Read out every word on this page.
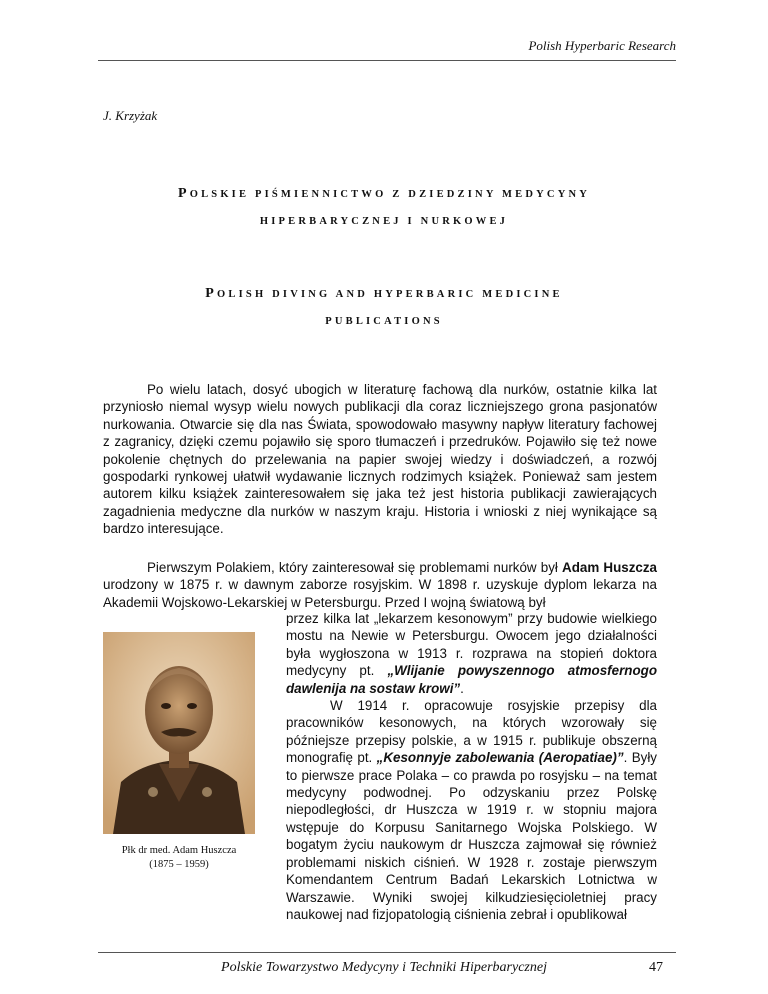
Polish Hyperbaric Research
J. Krzyżak
POLSKIE PIŚMIENNICTWO Z DZIEDZINY MEDYCYNY
HIPERBARYCZNEJ I NURKOWEJ
POLISH DIVING AND HYPERBARIC MEDICINE
PUBLICATIONS
Po wielu latach, dosyć ubogich w literaturę fachową dla nurków, ostatnie kilka lat przyniosło niemal wysyp wielu nowych publikacji dla coraz liczniejszego grona pasjonatów nurkowania. Otwarcie się dla nas Świata, spowodowało masywny napływ literatury fachowej z zagranicy, dzięki czemu pojawiło się sporo tłumaczeń i przedruków. Pojawiło się też nowe pokolenie chętnych do przelewania na papier swojej wiedzy i doświadczeń, a rozwój gospodarki rynkowej ułatwił wydawanie licznych rodzimych książek. Ponieważ sam jestem autorem kilku książek zainteresowałem się jaka też jest historia publikacji zawierających zagadnienia medyczne dla nurków w naszym kraju. Historia i wnioski z niej wynikające są bardzo interesujące.
Pierwszym Polakiem, który zainteresował się problemami nurków był Adam Huszcza urodzony w 1875 r. w dawnym zaborze rosyjskim. W 1898 r. uzyskuje dyplom lekarza na Akademii Wojskowo-Lekarskiej w Petersburgu. Przed I wojną światową był
Płk dr med. Adam Huszcza
(1875 – 1959)
przez kilka lat „lekarzem kesonowym” przy budowie wielkiego mostu na Newie w Petersburgu. Owocem jego działalności była wygłoszona w 1913 r. rozprawa na stopień doktora medycyny pt. „Wlijanie powyszennogo atmosfernogo dawlenija na sostaw krowi”.
W 1914 r. opracowuje rosyjskie przepisy dla pracowników kesonowych, na których wzorowały się późniejsze przepisy polskie, a w 1915 r. publikuje obszerną monografię pt. „Kesonnyje zabolewania (Aeropatiae)”. Były to pierwsze prace Polaka – co prawda po rosyjsku – na temat medycyny podwodnej. Po odzyskaniu przez Polskę niepodległości, dr Huszcza w 1919 r. w stopniu majora wstępuje do Korpusu Sanitarnego Wojska Polskiego. W bogatym życiu naukowym dr Huszcza zajmował się również problemami niskich ciśnień. W 1928 r. zostaje pierwszym Komendantem Centrum Badań Lekarskich Lotnictwa w Warszawie. Wyniki swojej kilkudziesięcioletniej pracy naukowej nad fizjopatologią ciśnienia zebrał i opublikował
Polskie Towarzystwo Medycyny i Techniki Hiperbarycznej	47
